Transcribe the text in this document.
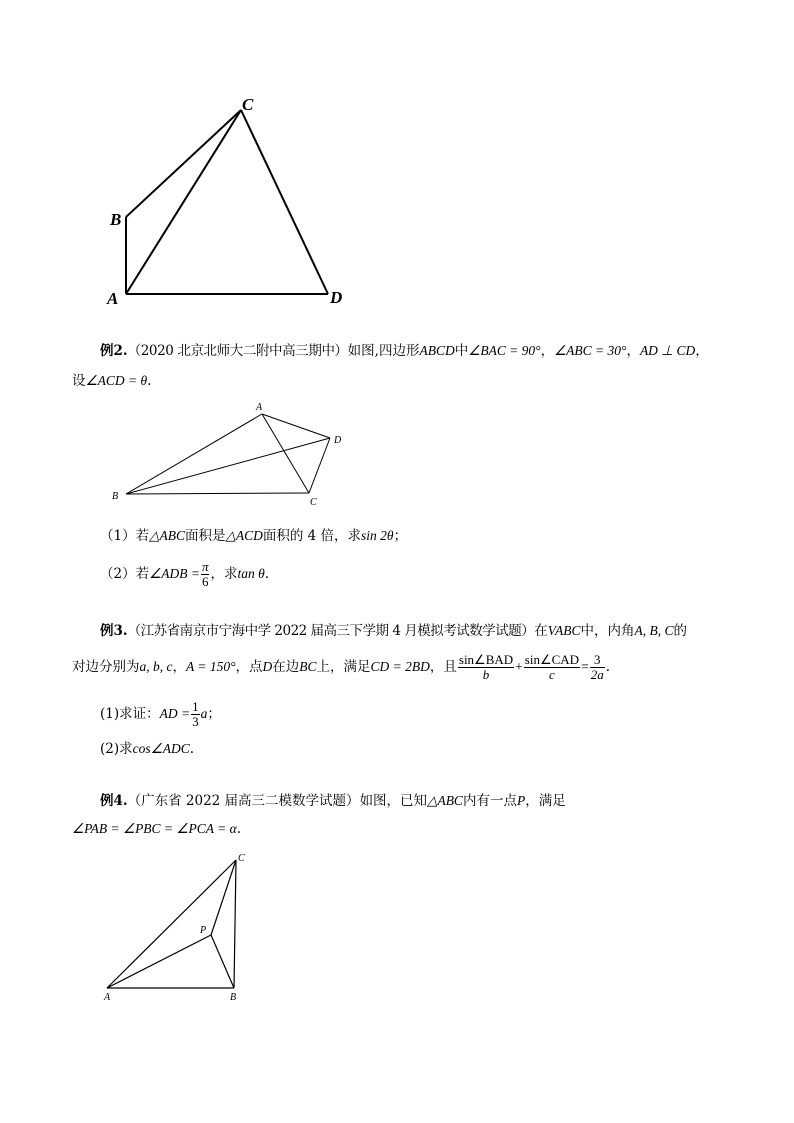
A
B
C
D
例2.（2020 北京北师大二附中高三期中）如图,四边形ABCD中∠BAC = 90°，∠ABC = 30°，AD ⊥ CD，
设∠ACD = θ.
A
B
C
D
（1）若△ABC面积是△ACD面积的 4 倍，求sin 2θ；
（2）若∠ADB = $\frac{\pi}{6}$ ，求tan θ.
例3.（江苏省南京市宁海中学 2022 届高三下学期 4 月模拟考试数学试题）在VABC中，内角A, B, C的
对边分别为a, b, c，A = 150°，点D在边BC上，满足CD = 2BD，且 $\frac{\text{sin∠BAD}}{b} + \frac{\text{sin∠CAD}}{c} = \frac{3}{2a}$ .
(1)求证：AD = $\frac{1}{3}$ a；
(2)求cos∠ADC.
例4.（广东省 2022 届高三二模数学试题）如图，已知△ABC内有一点P，满足
∠PAB = ∠PBC = ∠PCA = α.
A	B
C
P
